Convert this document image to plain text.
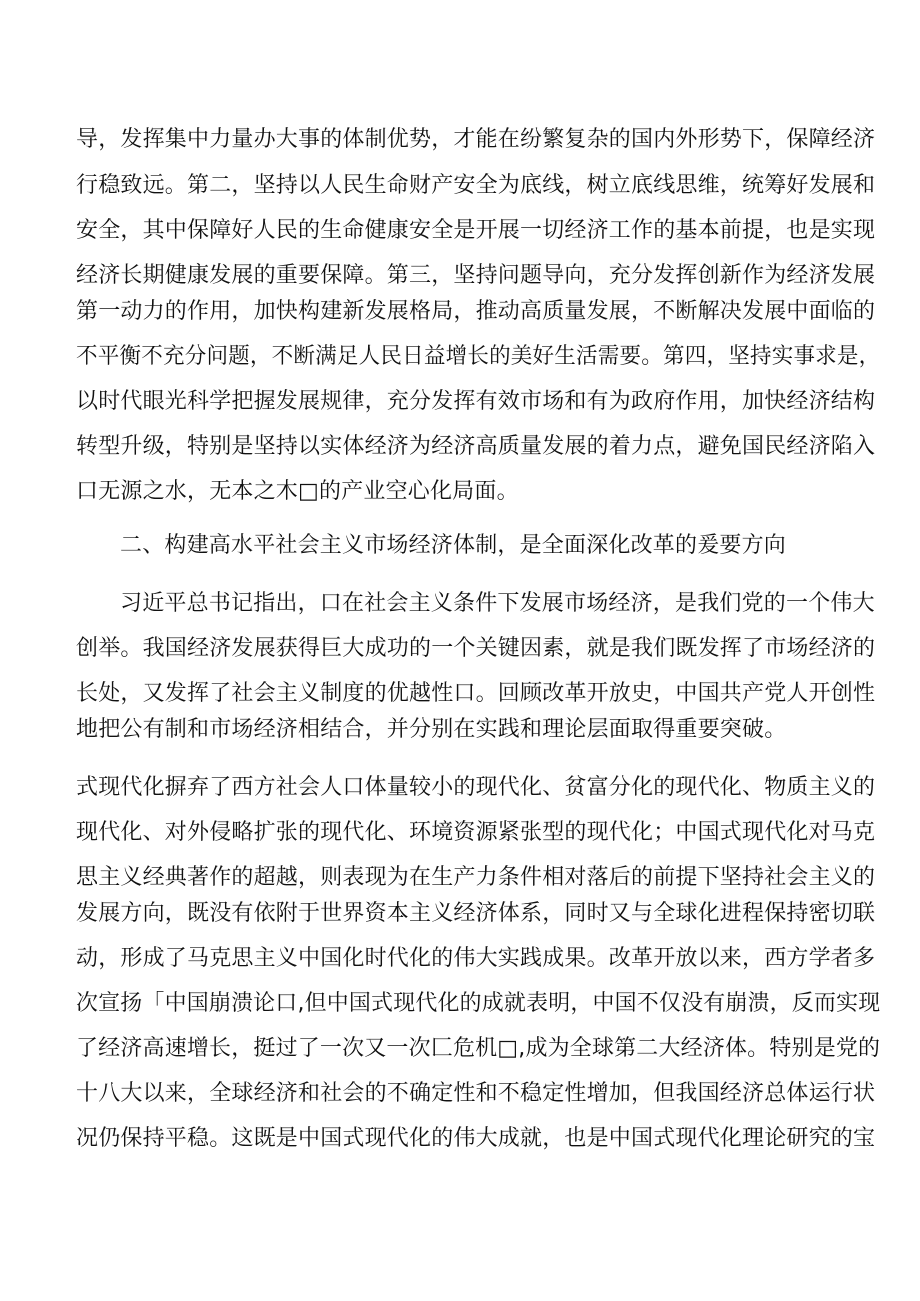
导，发挥集中力量办大事的体制优势，才能在纷繁复杂的国内外形势下，保障经济
行稳致远。第二，坚持以人民生命财产安全为底线，树立底线思维，统筹好发展和
安全，其中保障好人民的生命健康安全是开展一切经济工作的基本前提，也是实现
经济长期健康发展的重要保障。第三，坚持问题导向，充分发挥创新作为经济发展
第一动力的作用，加快构建新发展格局，推动高质量发展，不断解决发展中面临的
不平衡不充分问题，不断满足人民日益增长的美好生活需要。第四，坚持实事求是，
以时代眼光科学把握发展规律，充分发挥有效市场和有为政府作用，加快经济结构
转型升级，特别是坚持以实体经济为经济高质量发展的着力点，避免国民经济陷入
口无源之水，无本之木□的产业空心化局面。
二、构建高水平社会主义市场经济体制，是全面深化改革的爰要方向
习近平总书记指出，口在社会主义条件下发展市场经济，是我们党的一个伟大
创举。我国经济发展获得巨大成功的一个关键因素，就是我们既发挥了市场经济的
长处，又发挥了社会主义制度的优越性口。回顾改革开放史，中国共产党人开创性
地把公有制和市场经济相结合，并分别在实践和理论层面取得重要突破。
式现代化摒弃了西方社会人口体量较小的现代化、贫富分化的现代化、物质主义的
现代化、对外侵略扩张的现代化、环境资源紧张型的现代化；中国式现代化对马克
思主义经典著作的超越，则表现为在生产力条件相对落后的前提下坚持社会主义的
发展方向，既没有依附于世界资本主义经济体系，同时又与全球化进程保持密切联
动，形成了马克思主义中国化时代化的伟大实践成果。改革开放以来，西方学者多
次宣扬「中国崩溃论口,但中国式现代化的成就表明，中国不仅没有崩溃，反而实现
了经济高速增长，挺过了一次又一次匚危机□,成为全球第二大经济体。特别是党的
十八大以来，全球经济和社会的不确定性和不稳定性增加，但我国经济总体运行状
况仍保持平稳。这既是中国式现代化的伟大成就，也是中国式现代化理论研究的宝
